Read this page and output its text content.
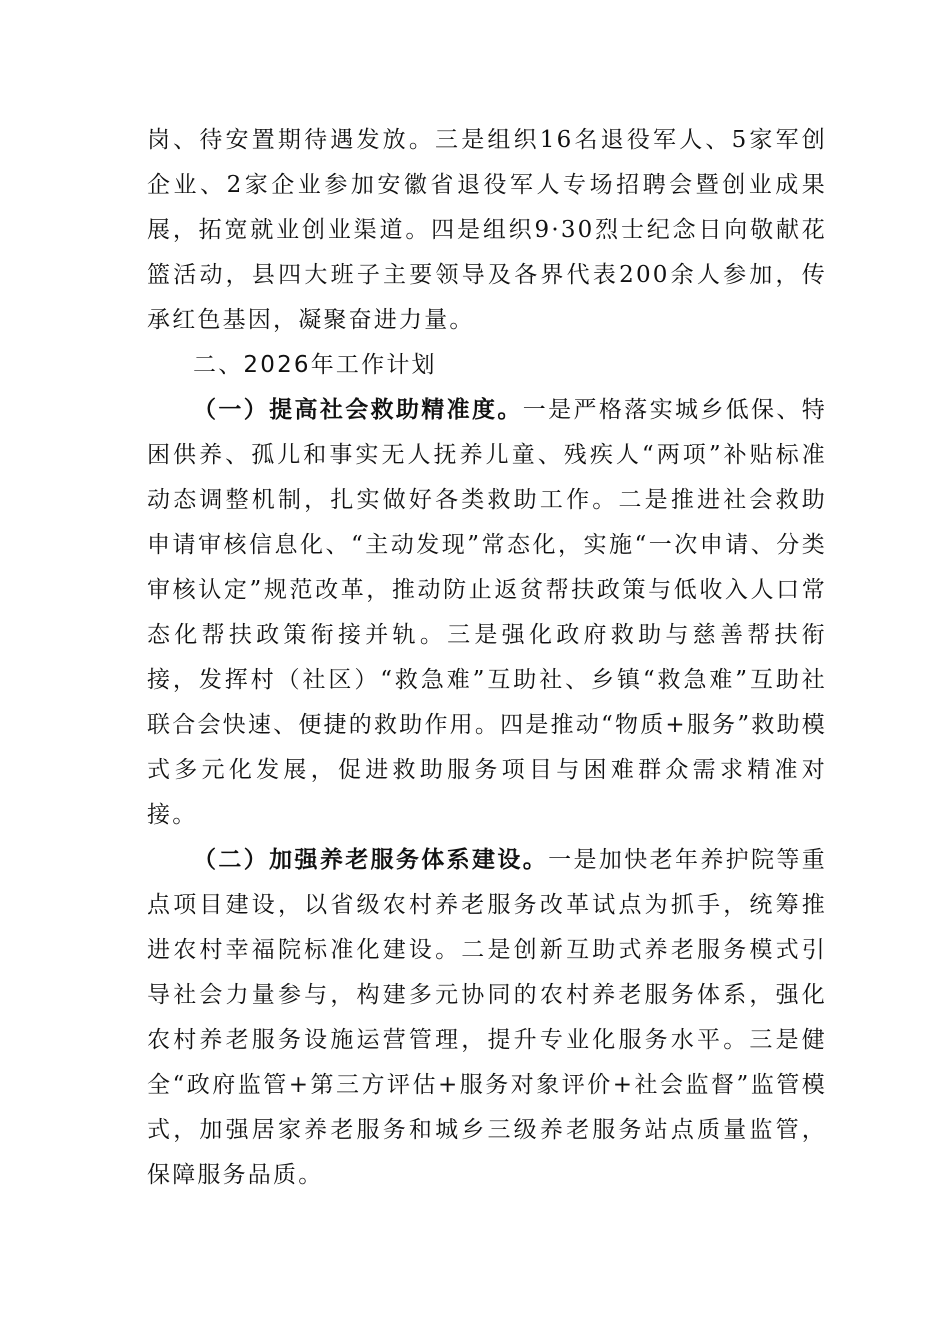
岗、待安置期待遇发放。三是组织16名退役军人、5家军创企业、2家企业参加安徽省退役军人专场招聘会暨创业成果展，拓宽就业创业渠道。四是组织9·30烈士纪念日向敬献花篮活动，县四大班子主要领导及各界代表200余人参加，传承红色基因，凝聚奋进力量。

二、2026年工作计划

（一）提高社会救助精准度。一是严格落实城乡低保、特困供养、孤儿和事实无人抚养儿童、残疾人“两项”补贴标准动态调整机制，扎实做好各类救助工作。二是推进社会救助申请审核信息化、“主动发现”常态化，实施“一次申请、分类审核认定”规范改革，推动防止返贫帮扶政策与低收入人口常态化帮扶政策衔接并轨。三是强化政府救助与慈善帮扶衔接，发挥村（社区）“救急难”互助社、乡镇“救急难”互助社联合会快速、便捷的救助作用。四是推动“物质+服务”救助模式多元化发展，促进救助服务项目与困难群众需求精准对接。

（二）加强养老服务体系建设。一是加快老年养护院等重点项目建设，以省级农村养老服务改革试点为抓手，统筹推进农村幸福院标准化建设。二是创新互助式养老服务模式引导社会力量参与，构建多元协同的农村养老服务体系，强化农村养老服务设施运营管理，提升专业化服务水平。三是健全“政府监管+第三方评估+服务对象评价+社会监督”监管模式，加强居家养老服务和城乡三级养老服务站点质量监管，保障服务品质。
